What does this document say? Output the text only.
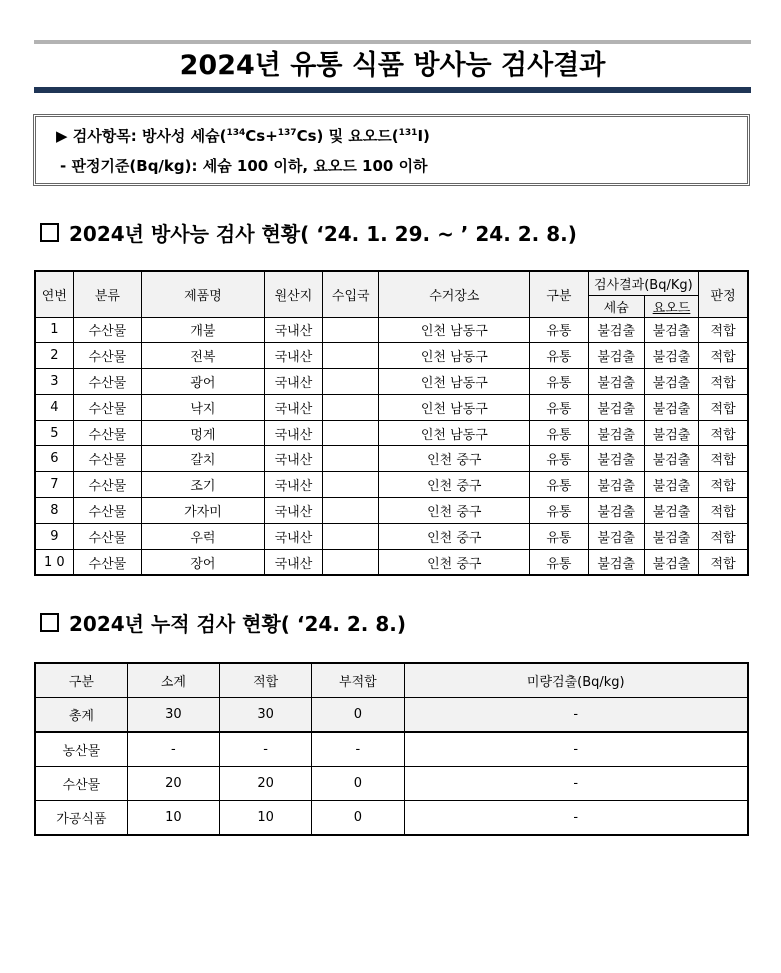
2024년 유통 식품 방사능 검사결과
▶ 검사항목: 방사성 세슘($^{134}$Cs+$^{137}$Cs) 및 요오드($^{131}$I)
- 판정기준(Bq/kg): 세슘 100 이하, 요오드 100 이하
2024년 방사능 검사 현황( ‘24. 1. 29. ~ ’ 24. 2. 8.)
연번	분류	제품명	원산지	수입국	수거장소	구분	검사결과(Bq/Kg)		판정
							세슘	요오드	
1	수산물	개불	국내산		인천 남동구	유통	불검출	불검출	적합
2	수산물	전복	국내산		인천 남동구	유통	불검출	불검출	적합
3	수산물	광어	국내산		인천 남동구	유통	불검출	불검출	적합
4	수산물	낙지	국내산		인천 남동구	유통	불검출	불검출	적합
5	수산물	멍게	국내산		인천 남동구	유통	불검출	불검출	적합
6	수산물	갈치	국내산		인천 중구	유통	불검출	불검출	적합
7	수산물	조기	국내산		인천 중구	유통	불검출	불검출	적합
8	수산물	가자미	국내산		인천 중구	유통	불검출	불검출	적합
9	수산물	우럭	국내산		인천 중구	유통	불검출	불검출	적합
1 0	수산물	장어	국내산		인천 중구	유통	불검출	불검출	적합
2024년 누적 검사 현황( ‘24. 2. 8.)
구분	소계	적합	부적합	미량검출(Bq/kg)
총계	30	30	0	-
농산물	-	-	-	-
수산물	20	20	0	-
가공식품	10	10	0	-
